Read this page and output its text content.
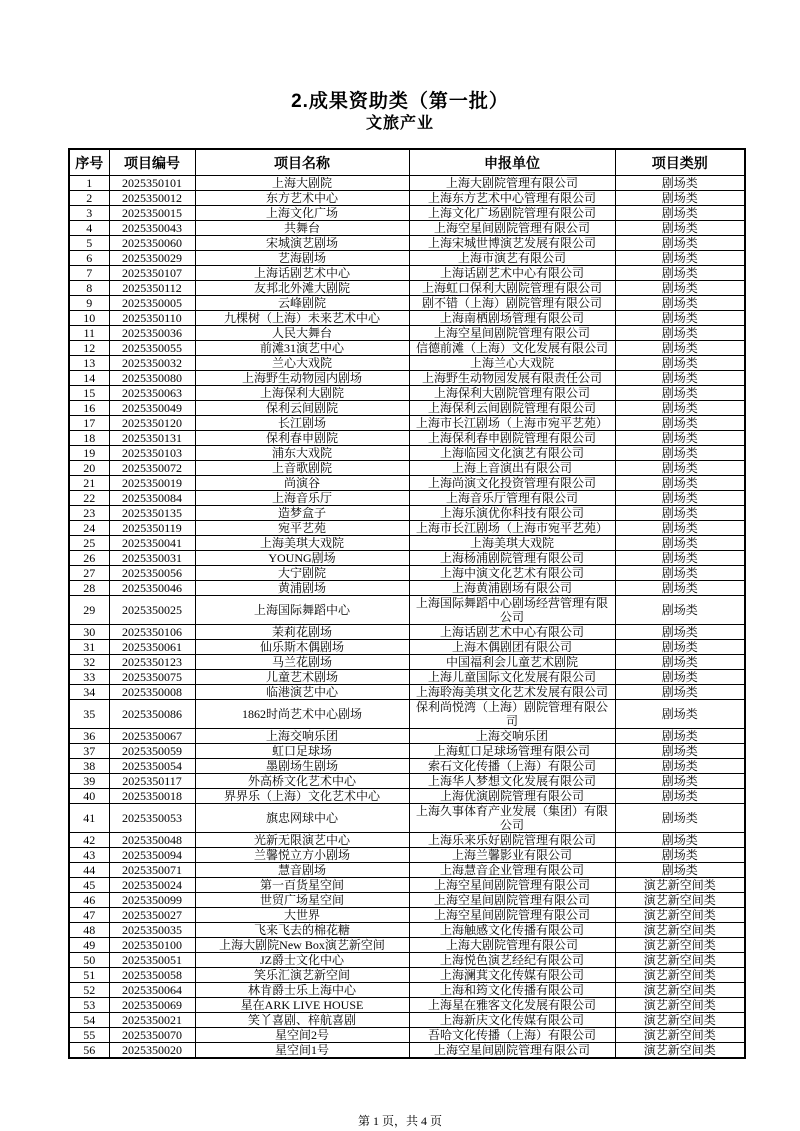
2.成果资助类（第一批）
文旅产业
序号	项目编号	项目名称	申报单位	项目类别
1	2025350101	上海大剧院	上海大剧院管理有限公司	剧场类
2	2025350012	东方艺术中心	上海东方艺术中心管理有限公司	剧场类
3	2025350015	上海文化广场	上海文化广场剧院管理有限公司	剧场类
4	2025350043	共舞台	上海空星间剧院管理有限公司	剧场类
5	2025350060	宋城演艺剧场	上海宋城世博演艺发展有限公司	剧场类
6	2025350029	艺海剧场	上海市演艺有限公司	剧场类
7	2025350107	上海话剧艺术中心	上海话剧艺术中心有限公司	剧场类
8	2025350112	友邦北外滩大剧院	上海虹口保利大剧院管理有限公司	剧场类
9	2025350005	云峰剧院	剧不错（上海）剧院管理有限公司	剧场类
10	2025350110	九棵树（上海）未来艺术中心	上海南栖剧场管理有限公司	剧场类
11	2025350036	人民大舞台	上海空星间剧院管理有限公司	剧场类
12	2025350055	前滩31演艺中心	信德前滩（上海）文化发展有限公司	剧场类
13	2025350032	兰心大戏院	上海兰心大戏院	剧场类
14	2025350080	上海野生动物园内剧场	上海野生动物园发展有限责任公司	剧场类
15	2025350063	上海保利大剧院	上海保利大剧院管理有限公司	剧场类
16	2025350049	保利云间剧院	上海保利云间剧院管理有限公司	剧场类
17	2025350120	长江剧场	上海市长江剧场（上海市宛平艺苑）	剧场类
18	2025350131	保利春申剧院	上海保利春申剧院管理有限公司	剧场类
19	2025350103	浦东大戏院	上海临园文化演艺有限公司	剧场类
20	2025350072	上音歌剧院	上海上音演出有限公司	剧场类
21	2025350019	尚演谷	上海尚演文化投资管理有限公司	剧场类
22	2025350084	上海音乐厅	上海音乐厅管理有限公司	剧场类
23	2025350135	造梦盒子	上海乐演优你科技有限公司	剧场类
24	2025350119	宛平艺苑	上海市长江剧场（上海市宛平艺苑）	剧场类
25	2025350041	上海美琪大戏院	上海美琪大戏院	剧场类
26	2025350031	YOUNG剧场	上海杨浦剧院管理有限公司	剧场类
27	2025350056	大宁剧院	上海中演文化艺术有限公司	剧场类
28	2025350046	黄浦剧场	上海黄浦剧场有限公司	剧场类
29	2025350025	上海国际舞蹈中心	上海国际舞蹈中心剧场经营管理有限公司	剧场类
30	2025350106	茉莉花剧场	上海话剧艺术中心有限公司	剧场类
31	2025350061	仙乐斯木偶剧场	上海木偶剧团有限公司	剧场类
32	2025350123	马兰花剧场	中国福利会儿童艺术剧院	剧场类
33	2025350075	儿童艺术剧场	上海儿童国际文化发展有限公司	剧场类
34	2025350008	临港演艺中心	上海聆海美琪文化艺术发展有限公司	剧场类
35	2025350086	1862时尚艺术中心剧场	保利尚悦湾（上海）剧院管理有限公司	剧场类
36	2025350067	上海交响乐团	上海交响乐团	剧场类
37	2025350059	虹口足球场	上海虹口足球场管理有限公司	剧场类
38	2025350054	墨剧场生剧场	索石文化传播（上海）有限公司	剧场类
39	2025350117	外高桥文化艺术中心	上海华人梦想文化发展有限公司	剧场类
40	2025350018	界界乐（上海）文化艺术中心	上海优演剧院管理有限公司	剧场类
41	2025350053	旗忠网球中心	上海久事体育产业发展（集团）有限公司	剧场类
42	2025350048	光新无限演艺中心	上海乐来乐好剧院管理有限公司	剧场类
43	2025350094	兰馨悦立方小剧场	上海兰馨影业有限公司	剧场类
44	2025350071	慧音剧场	上海慧音企业管理有限公司	剧场类
45	2025350024	第一百货星空间	上海空星间剧院管理有限公司	演艺新空间类
46	2025350099	世贸广场星空间	上海空星间剧院管理有限公司	演艺新空间类
47	2025350027	大世界	上海空星间剧院管理有限公司	演艺新空间类
48	2025350035	飞来飞去的棉花糖	上海触感文化传播有限公司	演艺新空间类
49	2025350100	上海大剧院New Box演艺新空间	上海大剧院管理有限公司	演艺新空间类
50	2025350051	JZ爵士文化中心	上海悦色演艺经纪有限公司	演艺新空间类
51	2025350058	笑乐汇演艺新空间	上海澜萁文化传媒有限公司	演艺新空间类
52	2025350064	林肯爵士乐上海中心	上海和筠文化传播有限公司	演艺新空间类
53	2025350069	星在ARK LIVE HOUSE	上海星在雅客文化发展有限公司	演艺新空间类
54	2025350021	笑丫喜剧、梓航喜剧	上海新庆文化传媒有限公司	演艺新空间类
55	2025350070	星空间2号	吾哈文化传播（上海）有限公司	演艺新空间类
56	2025350020	星空间1号	上海空星间剧院管理有限公司	演艺新空间类
第 1 页，共 4 页
